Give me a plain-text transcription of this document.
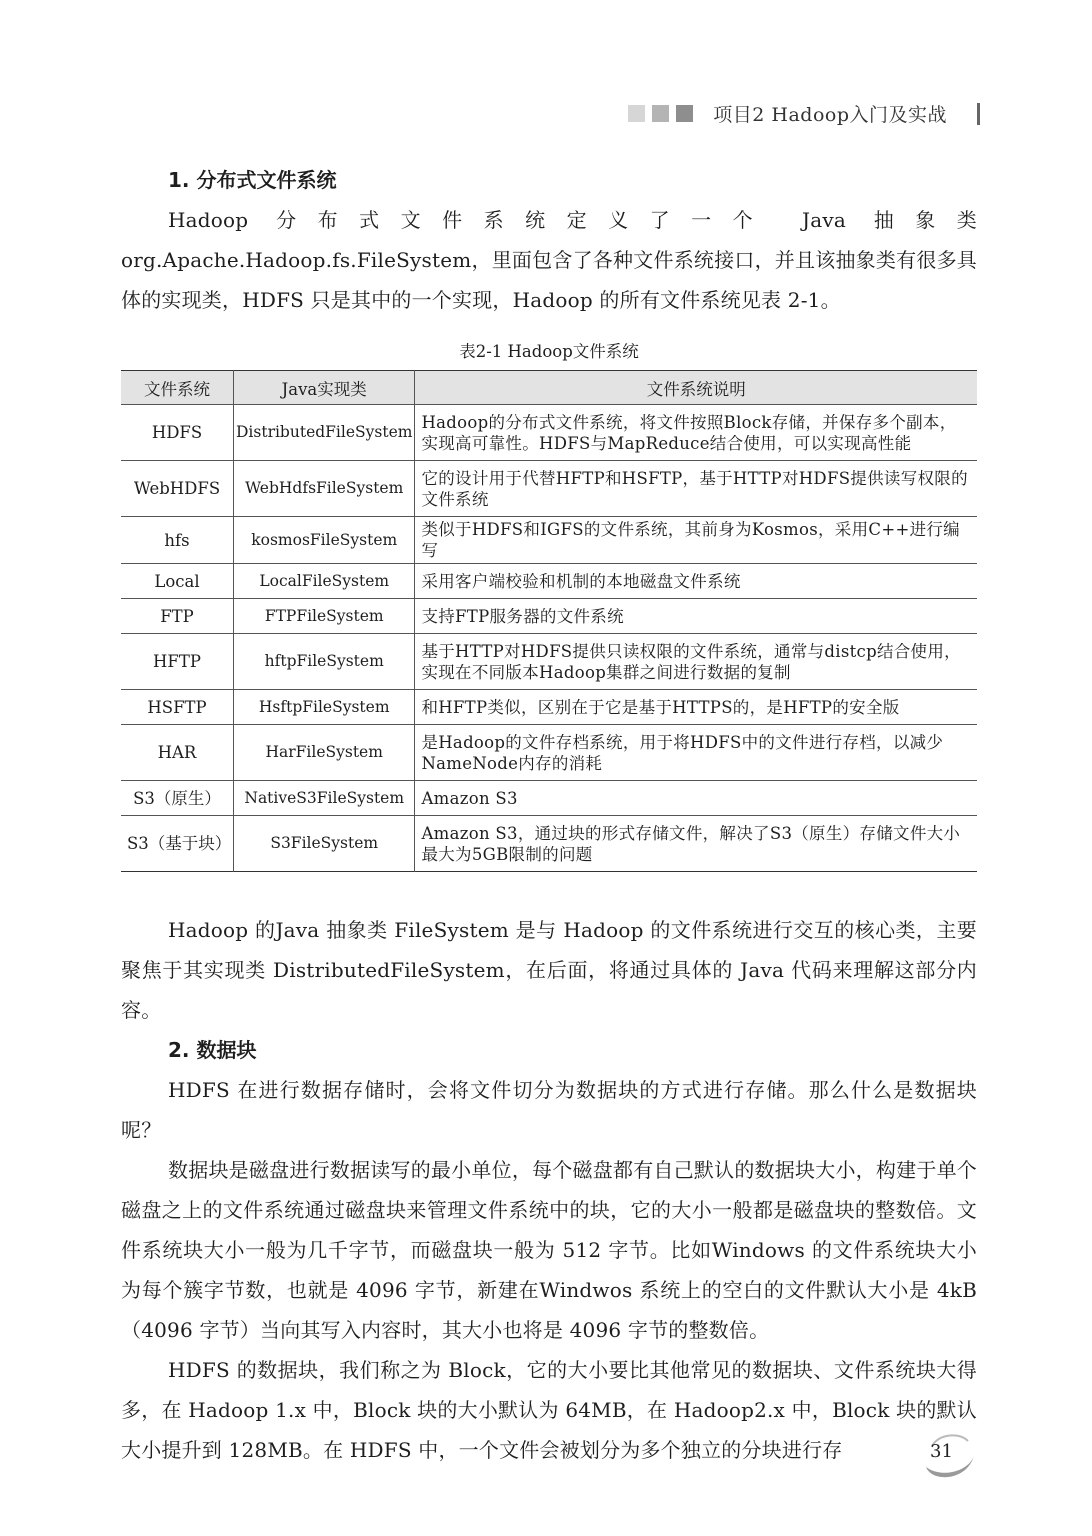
项目2 Hadoop入门及实战
1. 分布式文件系统

Hadoop 分布式文件系统定义了一个 Java 抽象类 org.Apache.Hadoop.fs.FileSystem，里面包含了各种文件系统接口，并且该抽象类有很多具体的实现类，HDFS 只是其中的一个实现，Hadoop 的所有文件系统见表 2-1。

表2-1 Hadoop文件系统
文件系统	Java实现类	文件系统说明
HDFS	DistributedFileSystem	Hadoop的分布式文件系统，将文件按照Block存储，并保存多个副本，实现高可靠性。HDFS与MapReduce结合使用，可以实现高性能
WebHDFS	WebHdfsFileSystem	它的设计用于代替HFTP和HSFTP，基于HTTP对HDFS提供读写权限的文件系统
hfs	kosmosFileSystem	类似于HDFS和IGFS的文件系统，其前身为Kosmos，采用C++进行编写
Local	LocalFileSystem	采用客户端校验和机制的本地磁盘文件系统
FTP	FTPFileSystem	支持FTP服务器的文件系统
HFTP	hftpFileSystem	基于HTTP对HDFS提供只读权限的文件系统，通常与distcp结合使用，实现在不同版本Hadoop集群之间进行数据的复制
HSFTP	HsftpFileSystem	和HFTP类似，区别在于它是基于HTTPS的，是HFTP的安全版
HAR	HarFileSystem	是Hadoop的文件存档系统，用于将HDFS中的文件进行存档，以减少NameNode内存的消耗
S3（原生）	NativeS3FileSystem	Amazon S3
S3（基于块）	S3FileSystem	Amazon S3，通过块的形式存储文件，解决了S3（原生）存储文件大小最大为5GB限制的问题

Hadoop 的Java 抽象类 FileSystem 是与 Hadoop 的文件系统进行交互的核心类，主要聚焦于其实现类 DistributedFileSystem，在后面，将通过具体的 Java 代码来理解这部分内容。

2. 数据块

HDFS 在进行数据存储时，会将文件切分为数据块的方式进行存储。那么什么是数据块呢？

数据块是磁盘进行数据读写的最小单位，每个磁盘都有自己默认的数据块大小，构建于单个磁盘之上的文件系统通过磁盘块来管理文件系统中的块，它的大小一般都是磁盘块的整数倍。文件系统块大小一般为几千字节，而磁盘块一般为 512 字节。比如Windows 的文件系统块大小为每个簇字节数，也就是 4096 字节，新建在Windwos 系统上的空白的文件默认大小是 4kB（4096 字节）当向其写入内容时，其大小也将是 4096 字节的整数倍。

HDFS 的数据块，我们称之为 Block，它的大小要比其他常见的数据块、文件系统块大得多，在 Hadoop 1.x 中，Block 块的大小默认为 64MB，在 Hadoop2.x 中，Block 块的默认大小提升到 128MB。在 HDFS 中，一个文件会被划分为多个独立的分块进行存	31
